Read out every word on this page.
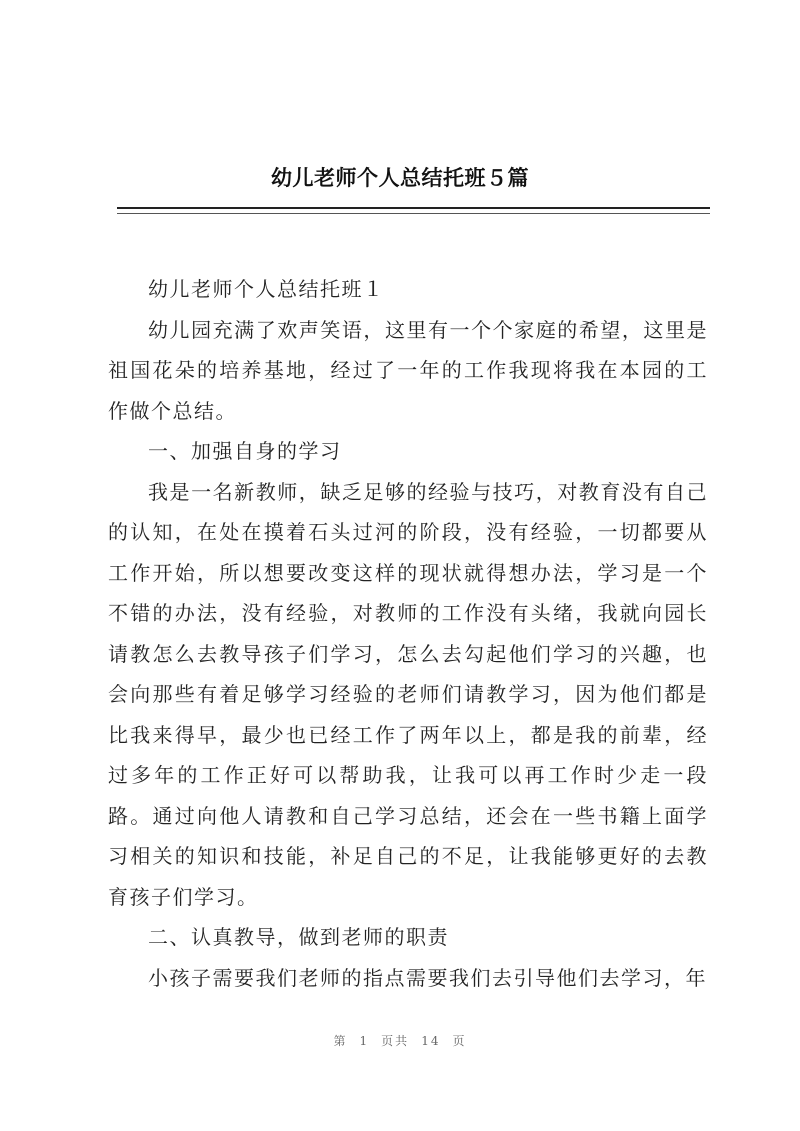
幼儿老师个人总结托班５篇

幼儿老师个人总结托班１

幼儿园充满了欢声笑语，这里有一个个家庭的希望，这里是祖国花朵的培养基地，经过了一年的工作我现将我在本园的工作做个总结。

一、加强自身的学习

我是一名新教师，缺乏足够的经验与技巧，对教育没有自己的认知，在处在摸着石头过河的阶段，没有经验，一切都要从工作开始，所以想要改变这样的现状就得想办法，学习是一个不错的办法，没有经验，对教师的工作没有头绪，我就向园长请教怎么去教导孩子们学习，怎么去勾起他们学习的兴趣，也会向那些有着足够学习经验的老师们请教学习，因为他们都是比我来得早，最少也已经工作了两年以上，都是我的前辈，经过多年的工作正好可以帮助我，让我可以再工作时少走一段路。通过向他人请教和自己学习总结，还会在一些书籍上面学习相关的知识和技能，补足自己的不足，让我能够更好的去教育孩子们学习。

二、认真教导，做到老师的职责

小孩子需要我们老师的指点需要我们去引导他们去学习，年

第 1 页共 14 页
